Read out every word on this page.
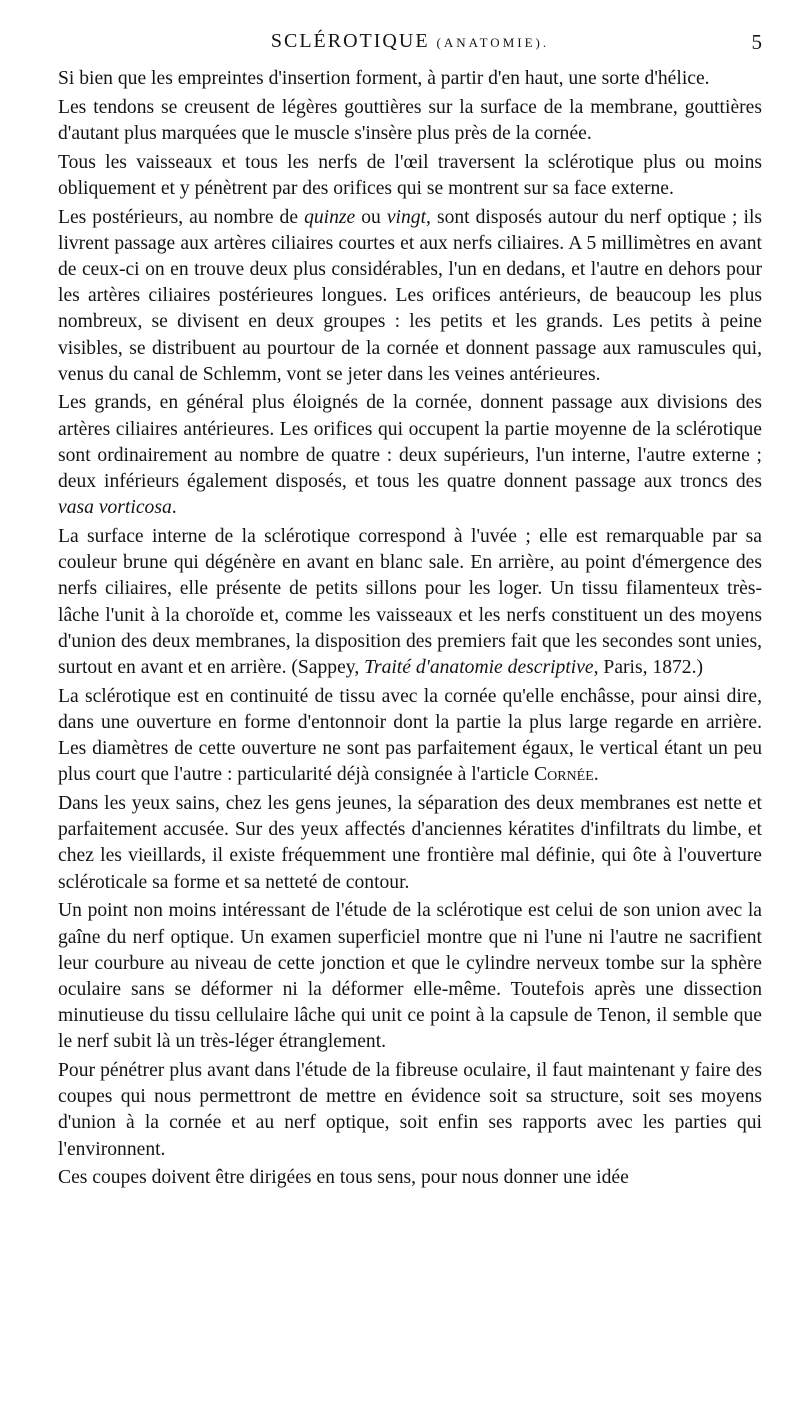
SCLÉROTIQUE (ANATOMIE).	5

Si bien que les empreintes d'insertion forment, à partir d'en haut, une sorte d'hélice.

Les tendons se creusent de légères gouttières sur la surface de la membrane, gouttières d'autant plus marquées que le muscle s'insère plus près de la cornée.

Tous les vaisseaux et tous les nerfs de l'œil traversent la sclérotique plus ou moins obliquement et y pénètrent par des orifices qui se montrent sur sa face externe.

Les postérieurs, au nombre de quinze ou vingt, sont disposés autour du nerf optique ; ils livrent passage aux artères ciliaires courtes et aux nerfs ciliaires. A 5 millimètres en avant de ceux-ci on en trouve deux plus considérables, l'un en dedans, et l'autre en dehors pour les artères ciliaires postérieures longues. Les orifices antérieurs, de beaucoup les plus nombreux, se divisent en deux groupes : les petits et les grands. Les petits à peine visibles, se distribuent au pourtour de la cornée et donnent passage aux ramuscules qui, venus du canal de Schlemm, vont se jeter dans les veines antérieures.

Les grands, en général plus éloignés de la cornée, donnent passage aux divisions des artères ciliaires antérieures. Les orifices qui occupent la partie moyenne de la sclérotique sont ordinairement au nombre de quatre : deux supérieurs, l'un interne, l'autre externe ; deux inférieurs également disposés, et tous les quatre donnent passage aux troncs des vasa vorticosa.

La surface interne de la sclérotique correspond à l'uvée ; elle est remarquable par sa couleur brune qui dégénère en avant en blanc sale. En arrière, au point d'émergence des nerfs ciliaires, elle présente de petits sillons pour les loger. Un tissu filamenteux très-lâche l'unit à la choroïde et, comme les vaisseaux et les nerfs constituent un des moyens d'union des deux membranes, la disposition des premiers fait que les secondes sont unies, surtout en avant et en arrière. (Sappey, Traité d'anatomie descriptive, Paris, 1872.)

La sclérotique est en continuité de tissu avec la cornée qu'elle enchâsse, pour ainsi dire, dans une ouverture en forme d'entonnoir dont la partie la plus large regarde en arrière. Les diamètres de cette ouverture ne sont pas parfaitement égaux, le vertical étant un peu plus court que l'autre : particularité déjà consignée à l'article Cornée.

Dans les yeux sains, chez les gens jeunes, la séparation des deux membranes est nette et parfaitement accusée. Sur des yeux affectés d'anciennes kératites d'infiltrats du limbe, et chez les vieillards, il existe fréquemment une frontière mal définie, qui ôte à l'ouverture scléroticale sa forme et sa netteté de contour.

Un point non moins intéressant de l'étude de la sclérotique est celui de son union avec la gaîne du nerf optique. Un examen superficiel montre que ni l'une ni l'autre ne sacrifient leur courbure au niveau de cette jonction et que le cylindre nerveux tombe sur la sphère oculaire sans se déformer ni la déformer elle-même. Toutefois après une dissection minutieuse du tissu cellulaire lâche qui unit ce point à la capsule de Tenon, il semble que le nerf subit là un très-léger étranglement.

Pour pénétrer plus avant dans l'étude de la fibreuse oculaire, il faut maintenant y faire des coupes qui nous permettront de mettre en évidence soit sa structure, soit ses moyens d'union à la cornée et au nerf optique, soit enfin ses rapports avec les parties qui l'environnent.

Ces coupes doivent être dirigées en tous sens, pour nous donner une idée
